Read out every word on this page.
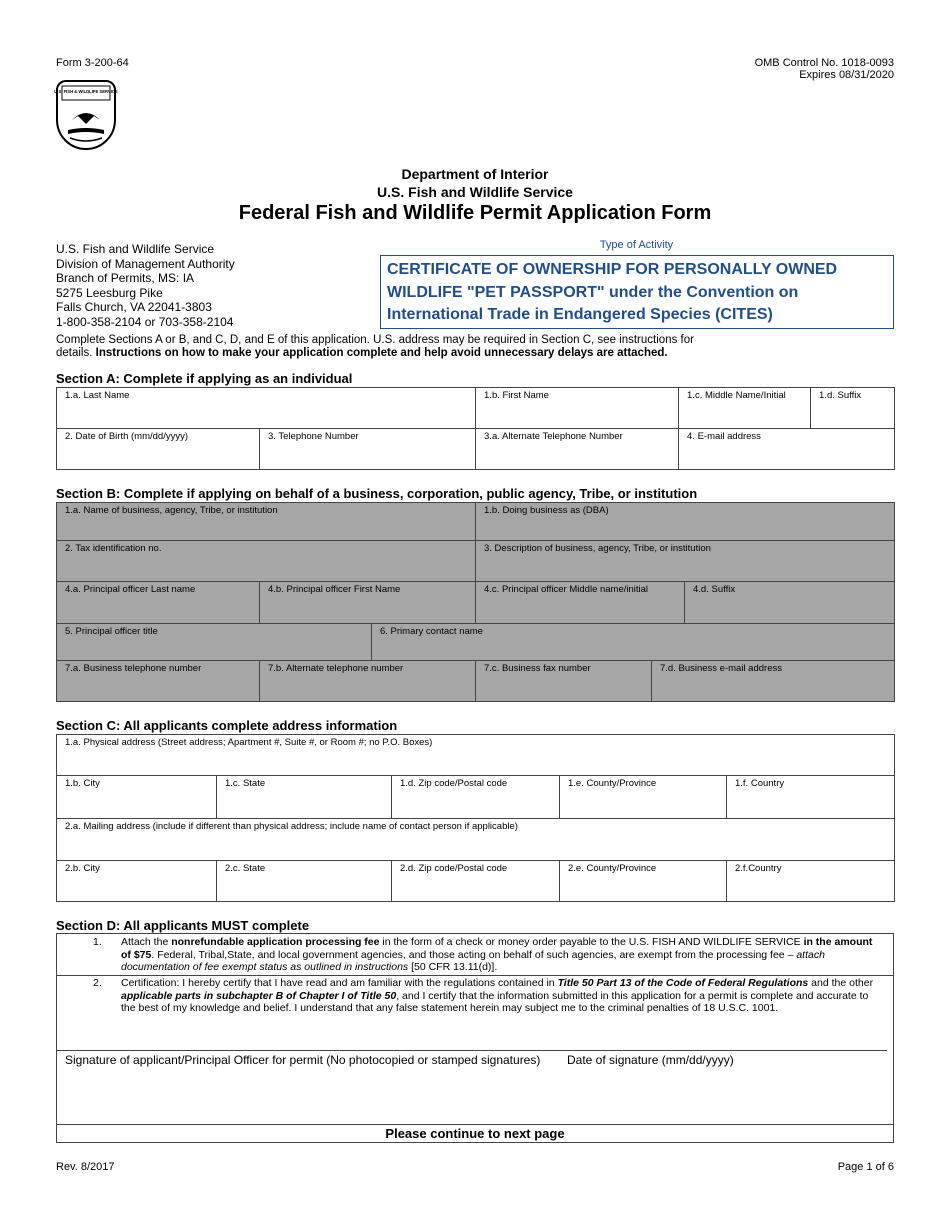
Form 3-200-64	OMB Control No. 1018-0093
Expires 08/31/2020
U.S. FISH & WILDLIFE SERVICE
Department of Interior
U.S. Fish and Wildlife Service
Federal Fish and Wildlife Permit Application Form
U.S. Fish and Wildlife Service
Division of Management Authority
Branch of Permits, MS: IA
5275 Leesburg Pike
Falls Church, VA 22041-3803
1-800-358-2104 or 703-358-2104
Type of Activity
CERTIFICATE OF OWNERSHIP FOR PERSONALLY OWNED WILDLIFE "PET PASSPORT" under the Convention on International Trade in Endangered Species (CITES)
Complete Sections A or B, and C, D, and E of this application. U.S. address may be required in Section C, see instructions for
details. Instructions on how to make your application complete and help avoid unnecessary delays are attached.
Section A: Complete if applying as an individual
1.a. Last Name		1.b. First Name	1.c. Middle Name/Initial	1.d. Suffix
2. Date of Birth (mm/dd/yyyy)	3. Telephone Number	3.a. Alternate Telephone Number	4. E-mail address	
Section B: Complete if applying on behalf of a business, corporation, public agency, Tribe, or institution
1.a. Name of business, agency, Tribe, or institution			1.b. Doing business as (DBA)		
2. Tax identification no.			3. Description of business, agency, Tribe, or institution		
4.a. Principal officer Last name	4.b. Principal officer First Name		4.c. Principal officer Middle name/initial		4.d. Suffix
5. Principal officer title		6. Primary contact name			
7.a. Business telephone number	7.b. Alternate telephone number		7.c. Business fax number	7.d. Business e-mail address	
Section C: All applicants complete address information
1.a. Physical address (Street address; Apartment #, Suite #, or Room #; no P.O. Boxes)				
1.b. City	1.c. State	1.d. Zip code/Postal code	1.e. County/Province	1.f. Country
2.a. Mailing address (include if different than physical address; include name of contact person if applicable)				
2.b. City	2.c. State	2.d. Zip code/Postal code	2.e. County/Province	2.f.Country
Section D: All applicants MUST complete
1. Attach the nonrefundable application processing fee in the form of a check or money order payable to the U.S. FISH AND WILDLIFE SERVICE in the amount of $75. Federal, Tribal,State, and local government agencies, and those acting on behalf of such agencies, are exempt from the processing fee – attach documentation of fee exempt status as outlined in instructions [50 CFR 13.11(d)].
2. Certification: I hereby certify that I have read and am familiar with the regulations contained in Title 50 Part 13 of the Code of Federal Regulations and the other applicable parts in subchapter B of Chapter I of Title 50, and I certify that the information submitted in this application for a permit is complete and accurate to the best of my knowledge and belief. I understand that any false statement herein may subject me to the criminal penalties of 18 U.S.C. 1001.
Signature of applicant/Principal Officer for permit (No photocopied or stamped signatures) Date of signature (mm/dd/yyyy)
Please continue to next page
Rev. 8/2017	Page 1 of 6
